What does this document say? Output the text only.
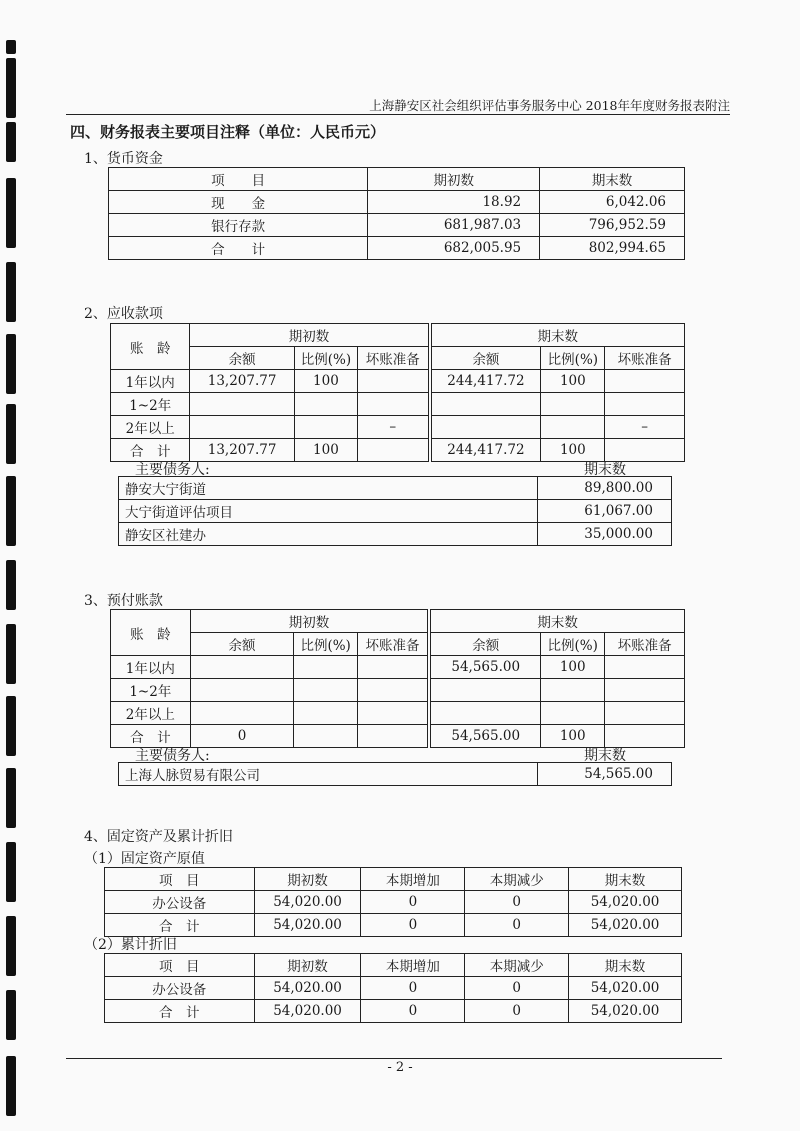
上海静安区社会组织评估事务服务中心 2018年年度财务报表附注
四、财务报表主要项目注释（单位：人民币元）
1、货币资金
项　　目	期初数	期末数
现　　金	18.92	6,042.06
银行存款	681,987.03	796,952.59
合　　计	682,005.95	802,994.65
2、应收款项
账　龄	期初数			期末数		
	余额	比例(%)	坏账准备	余额	比例(%)	坏账准备
1年以内	13,207.77	100		244,417.72	100	
1~2年						
2年以上			–			–
合　计	13,207.77	100		244,417.72	100	
主要债务人:	期末数
静安大宁街道	89,800.00
大宁街道评估项目	61,067.00
静安区社建办	35,000.00
3、预付账款
账　龄	期初数			期末数		
	余额	比例(%)	坏账准备	余额	比例(%)	坏账准备
1年以内				54,565.00	100	
1~2年						
2年以上						
合　计	0			54,565.00	100	
主要债务人:	期末数
上海人脉贸易有限公司	54,565.00
4、固定资产及累计折旧
（1）固定资产原值
项　目	期初数	本期增加	本期减少	期末数
办公设备	54,020.00	0	0	54,020.00
合　计	54,020.00	0	0	54,020.00
（2）累计折旧
项　目	期初数	本期增加	本期减少	期末数
办公设备	54,020.00	0	0	54,020.00
合　计	54,020.00	0	0	54,020.00
- 2 -
